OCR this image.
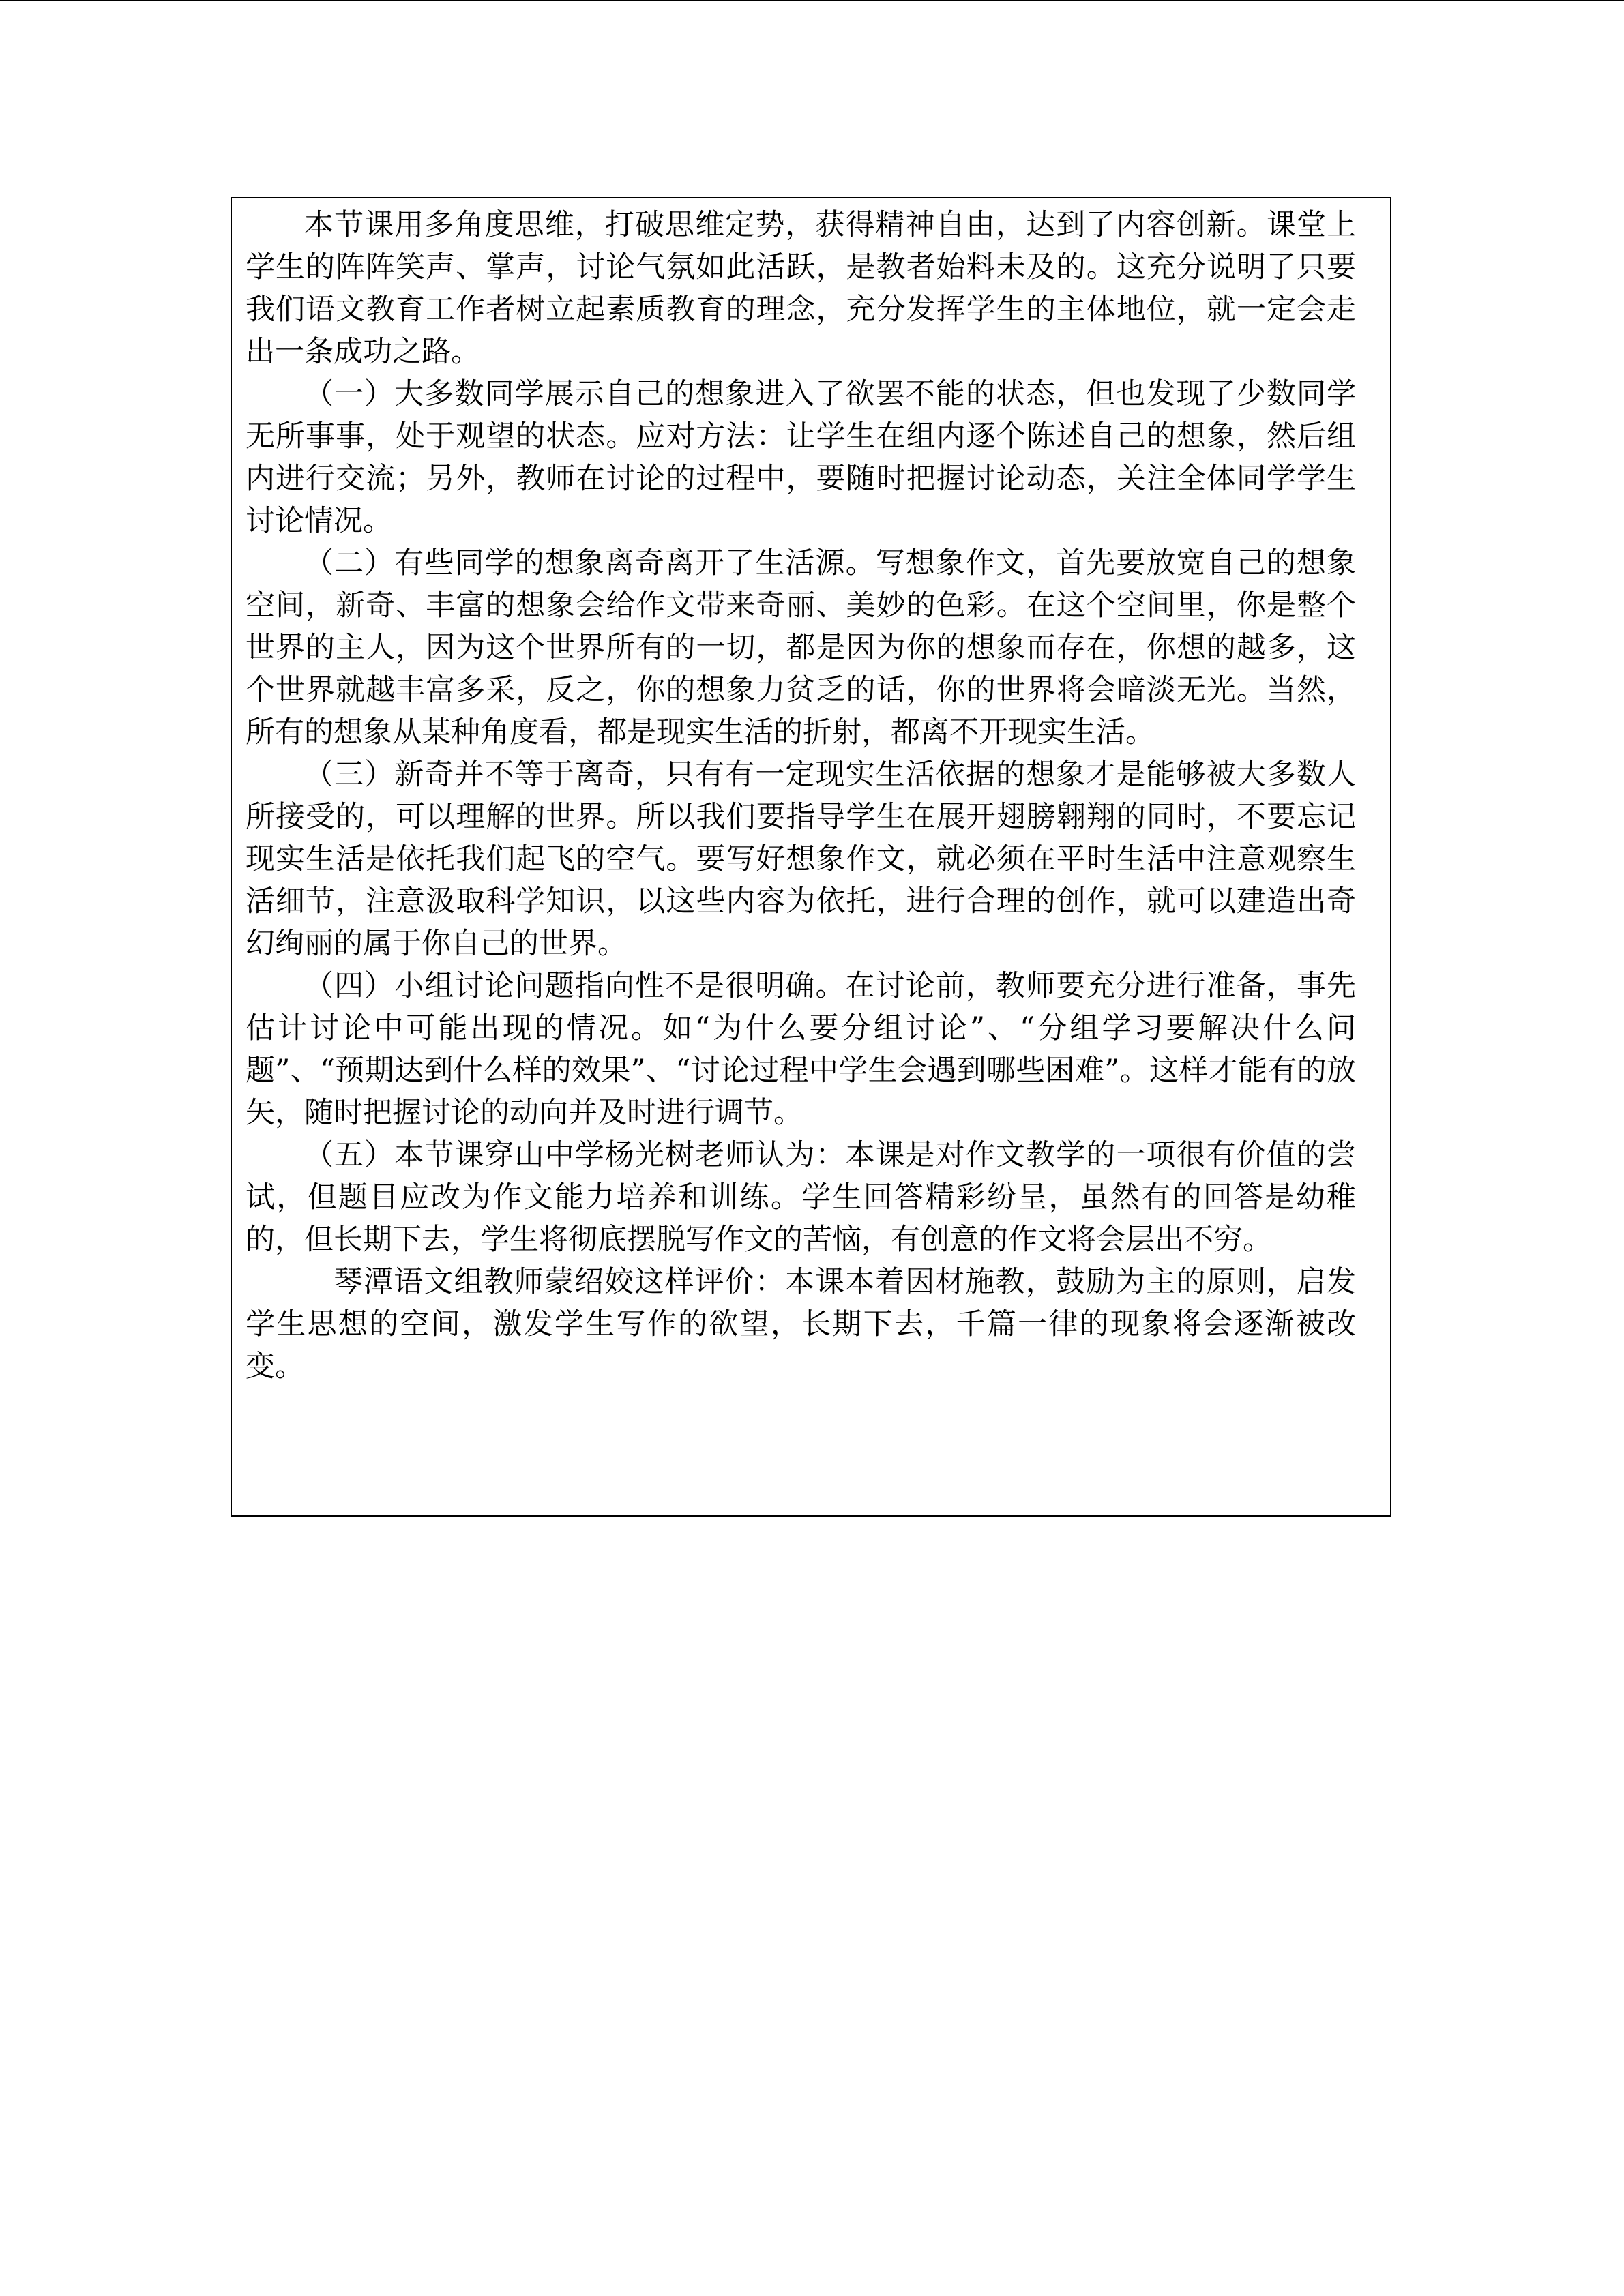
本节课用多角度思维，打破思维定势，获得精神自由，达到了内容创新。课堂上学生的阵阵笑声、掌声，讨论气氛如此活跃，是教者始料未及的。这充分说明了只要我们语文教育工作者树立起素质教育的理念，充分发挥学生的主体地位，就一定会走出一条成功之路。

（一）大多数同学展示自己的想象进入了欲罢不能的状态，但也发现了少数同学无所事事，处于观望的状态。应对方法：让学生在组内逐个陈述自己的想象，然后组内进行交流；另外，教师在讨论的过程中，要随时把握讨论动态，关注全体同学学生讨论情况。

（二）有些同学的想象离奇离开了生活源。写想象作文，首先要放宽自己的想象空间，新奇、丰富的想象会给作文带来奇丽、美妙的色彩。在这个空间里，你是整个世界的主人，因为这个世界所有的一切，都是因为你的想象而存在，你想的越多，这个世界就越丰富多采，反之，你的想象力贫乏的话，你的世界将会暗淡无光。当然，所有的想象从某种角度看，都是现实生活的折射，都离不开现实生活。

（三）新奇并不等于离奇，只有有一定现实生活依据的想象才是能够被大多数人所接受的，可以理解的世界。所以我们要指导学生在展开翅膀翱翔的同时，不要忘记现实生活是依托我们起飞的空气。要写好想象作文，就必须在平时生活中注意观察生活细节，注意汲取科学知识，以这些内容为依托，进行合理的创作，就可以建造出奇幻绚丽的属于你自己的世界。

（四）小组讨论问题指向性不是很明确。在讨论前，教师要充分进行准备，事先估计讨论中可能出现的情况。如“为什么要分组讨论”、“分组学习要解决什么问题”、“预期达到什么样的效果”、“讨论过程中学生会遇到哪些困难”。这样才能有的放矢，随时把握讨论的动向并及时进行调节。

（五）本节课穿山中学杨光树老师认为：本课是对作文教学的一项很有价值的尝试，但题目应改为作文能力培养和训练。学生回答精彩纷呈，虽然有的回答是幼稚的，但长期下去，学生将彻底摆脱写作文的苦恼，有创意的作文将会层出不穷。

琴潭语文组教师蒙绍姣这样评价：本课本着因材施教，鼓励为主的原则，启发学生思想的空间，激发学生写作的欲望，长期下去，千篇一律的现象将会逐渐被改变。
